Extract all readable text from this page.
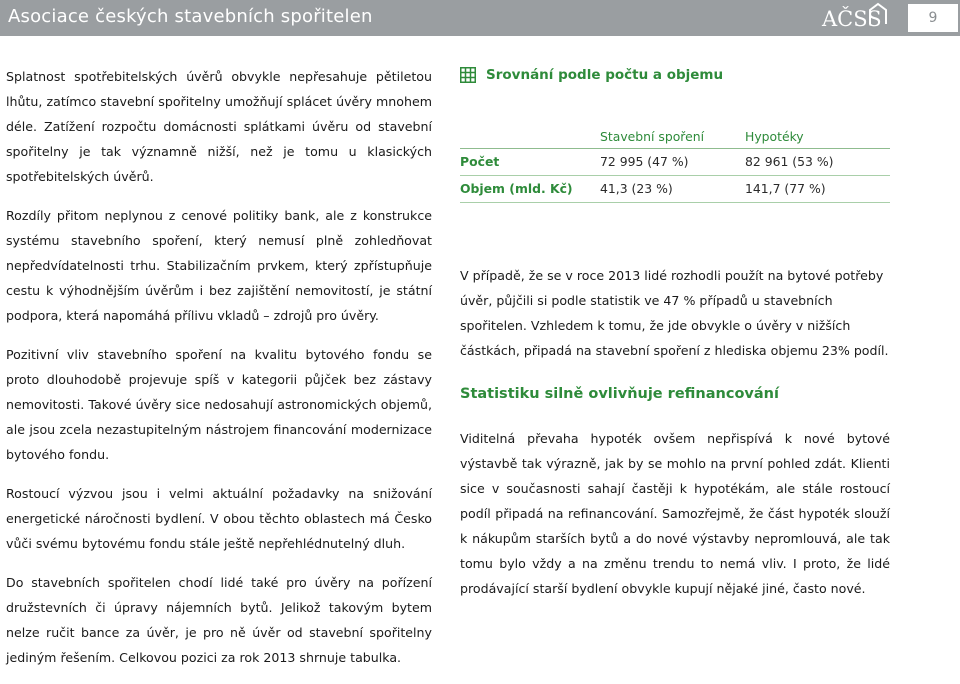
Asociace českých stavebních spořitelen	AČSS	9

Splatnost spotřebitelských úvěrů obvykle nepřesahuje pětiletou lhůtu, zatímco stavební spořitelny umožňují splácet úvěry mnohem déle. Zatížení rozpočtu domácnosti splátkami úvěru od stavební spořitelny je tak významně nižší, než je tomu u klasických spotřebitelských úvěrů.

Rozdíly přitom neplynou z cenové politiky bank, ale z konstrukce systému stavebního spoření, který nemusí plně zohledňovat nepředvídatelnosti trhu. Stabilizačním prvkem, který zpřístupňuje cestu k výhodnějším úvěrům i bez zajištění nemovitostí, je státní podpora, která napomáhá přílivu vkladů – zdrojů pro úvěry.

Pozitivní vliv stavebního spoření na kvalitu bytového fondu se proto dlouhodobě projevuje spíš v kategorii půjček bez zástavy nemovitosti. Takové úvěry sice nedosahují astronomických objemů, ale jsou zcela nezastupitelným nástrojem financování modernizace bytového fondu.

Rostoucí výzvou jsou i velmi aktuální požadavky na snižování energetické náročnosti bydlení. V obou těchto oblastech má Česko vůči svému bytovému fondu stále ještě nepřehlédnutelný dluh.

Do stavebních spořitelen chodí lidé také pro úvěry na pořízení družstevních či úpravy nájemních bytů. Jelikož takovým bytem nelze ručit bance za úvěr, je pro ně úvěr od stavební spořitelny jediným řešením. Celkovou pozici za rok 2013 shrnuje tabulka.

Srovnání podle počtu a objemu
	Stavební spoření	Hypotéky
Počet	72 995 (47 %)	82 961 (53 %)
Objem (mld. Kč)	41,3 (23 %)	141,7 (77 %)

V případě, že se v roce 2013 lidé rozhodli použít na bytové potřeby úvěr, půjčili si podle statistik ve 47 % případů u stavebních spořitelen. Vzhledem k tomu, že jde obvykle o úvěry v nižších částkách, připadá na stavební spoření z hlediska objemu 23% podíl.

Statistiku silně ovlivňuje refinancování

Viditelná převaha hypoték ovšem nepřispívá k nové bytové výstavbě tak výrazně, jak by se mohlo na první pohled zdát. Klienti sice v současnosti sahají častěji k hypotékám, ale stále rostoucí podíl připadá na refinancování. Samozřejmě, že část hypoték slouží k nákupům starších bytů a do nové výstavby nepromlouvá, ale tak tomu bylo vždy a na změnu trendu to nemá vliv. I proto, že lidé prodávající starší bydlení obvykle kupují nějaké jiné, často nové.
